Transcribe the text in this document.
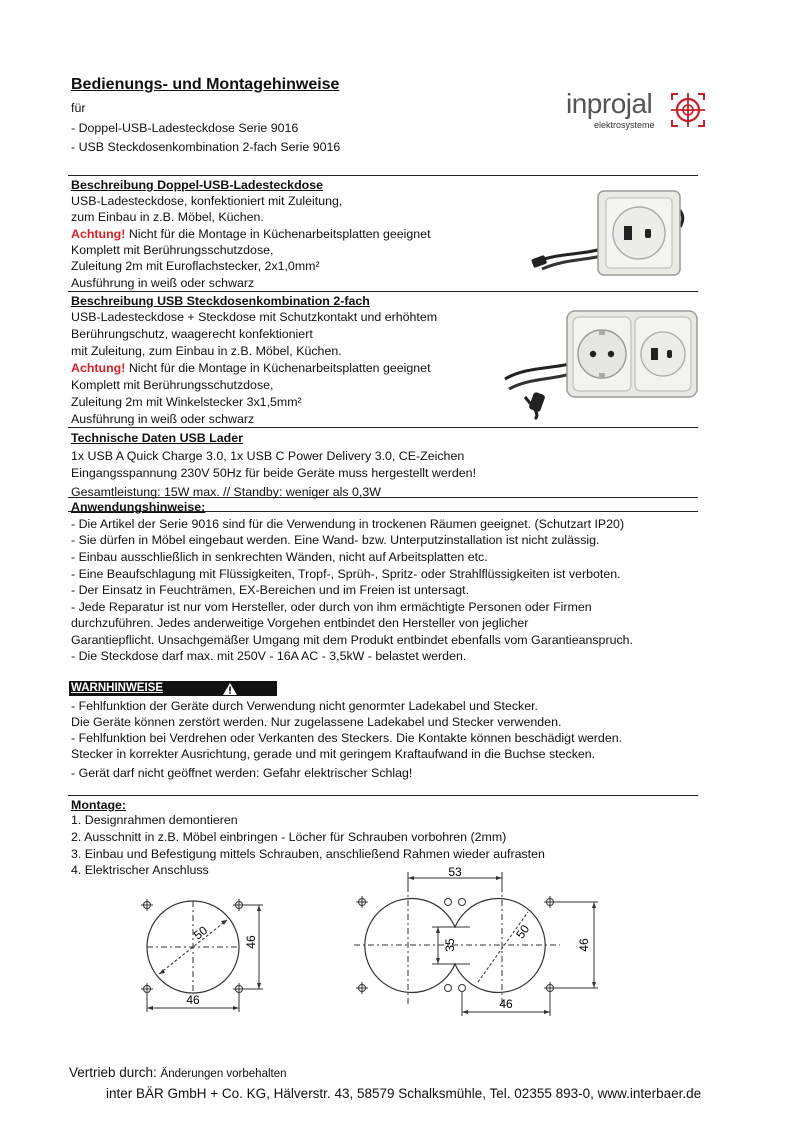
Bedienungs- und Montagehinweise
für
- Doppel-USB-Ladesteckdose Serie 9016
- USB Steckdosenkombination 2-fach Serie 9016
inprojal
elektrosysteme
Beschreibung Doppel-USB-Ladesteckdose
USB-Ladesteckdose, konfektioniert mit Zuleitung,
zum Einbau in z.B. Möbel, Küchen.
Achtung! Nicht für die Montage in Küchenarbeitsplatten geeignet
Komplett mit Berührungsschutzdose,
Zuleitung 2m mit Euroflachstecker, 2x1,0mm²
Ausführung in weiß oder schwarz
Beschreibung USB Steckdosenkombination 2-fach
USB-Ladesteckdose + Steckdose mit Schutzkontakt und erhöhtem
Berührungschutz, waagerecht konfektioniert
mit Zuleitung, zum Einbau in z.B. Möbel, Küchen.
Achtung! Nicht für die Montage in Küchenarbeitsplatten geeignet
Komplett mit Berührungsschutzdose,
Zuleitung 2m mit Winkelstecker 3x1,5mm²
Ausführung in weiß oder schwarz
Technische Daten USB Lader
1x USB A Quick Charge 3.0, 1x USB C Power Delivery 3.0, CE-Zeichen
Eingangsspannung 230V 50Hz für beide Geräte muss hergestellt werden!
Gesamtleistung: 15W max. // Standby: weniger als 0,3W
Anwendungshinweise:
- Die Artikel der Serie 9016 sind für die Verwendung in trockenen Räumen geeignet. (Schutzart IP20)
- Sie dürfen in Möbel eingebaut werden. Eine Wand- bzw. Unterputzinstallation ist nicht zulässig.
- Einbau ausschließlich in senkrechten Wänden, nicht auf Arbeitsplatten etc.
- Eine Beaufschlagung mit Flüssigkeiten, Tropf-, Sprüh-, Spritz- oder Strahlflüssigkeiten ist verboten.
- Der Einsatz in Feuchträmen, EX-Bereichen und im Freien ist untersagt.
- Jede Reparatur ist nur vom Hersteller, oder durch von ihm ermächtigte Personen oder Firmen
durchzuführen. Jedes anderweitige Vorgehen entbindet den Hersteller von jeglicher
Garantiepflicht. Unsachgemäßer Umgang mit dem Produkt entbindet ebenfalls vom Garantieanspruch.
- Die Steckdose darf max. mit 250V - 16A AC - 3,5kW - belastet werden.
WARNHINWEISE
- Fehlfunktion der Geräte durch Verwendung nicht genormter Ladekabel und Stecker.
Die Geräte können zerstört werden. Nur zugelassene Ladekabel und Stecker verwenden.
- Fehlfunktion bei Verdrehen oder Verkanten des Steckers. Die Kontakte können beschädigt werden.
Stecker in korrekter Ausrichtung, gerade und mit geringem Kraftaufwand in die Buchse stecken.
- Gerät darf nicht geöffnet werden: Gefahr elektrischer Schlag!
Montage:
1. Designrahmen demontieren
2. Ausschnitt in z.B. Möbel einbringen - Löcher für Schrauben vorbohren (2mm)
3. Einbau und Befestigung mittels Schrauben, anschließend Rahmen wieder aufrasten
4. Elektrischer Anschluss
50	46
46
53
35
50
46
46
Vertrieb durch: Änderungen vorbehalten
inter BÄR GmbH + Co. KG, Hälverstr. 43, 58579 Schalksmühle, Tel. 02355 893-0, www.interbaer.de
